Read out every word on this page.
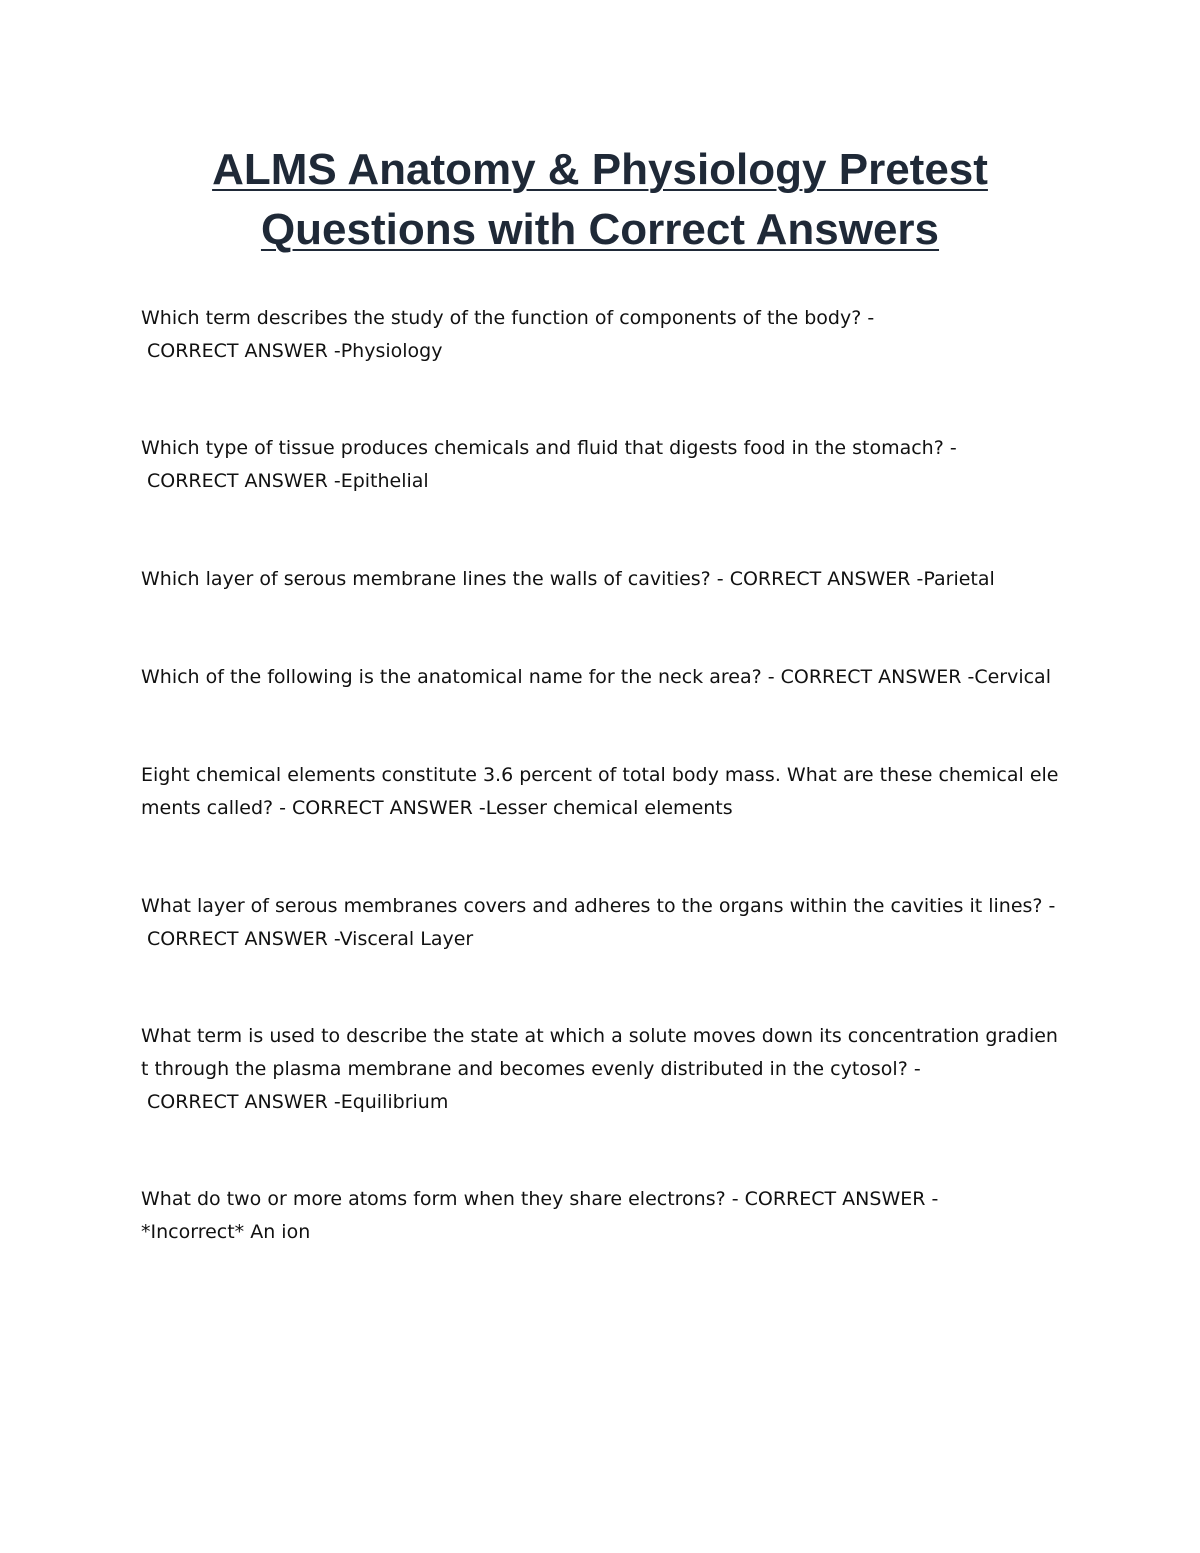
ALMS Anatomy & Physiology Pretest
Questions with Correct Answers

Which term describes the study of the function of components of the body? -
CORRECT ANSWER -Physiology

Which type of tissue produces chemicals and fluid that digests food in the stomach? -
CORRECT ANSWER -Epithelial

Which layer of serous membrane lines the walls of cavities? - CORRECT ANSWER -Parietal

Which of the following is the anatomical name for the neck area? - CORRECT ANSWER -Cervical

Eight chemical elements constitute 3.6 percent of total body mass. What are these chemical ele
ments called? - CORRECT ANSWER -Lesser chemical elements

What layer of serous membranes covers and adheres to the organs within the cavities it lines? -
CORRECT ANSWER -Visceral Layer

What term is used to describe the state at which a solute moves down its concentration gradien
t through the plasma membrane and becomes evenly distributed in the cytosol? -
CORRECT ANSWER -Equilibrium

What do two or more atoms form when they share electrons? - CORRECT ANSWER -
*Incorrect* An ion
